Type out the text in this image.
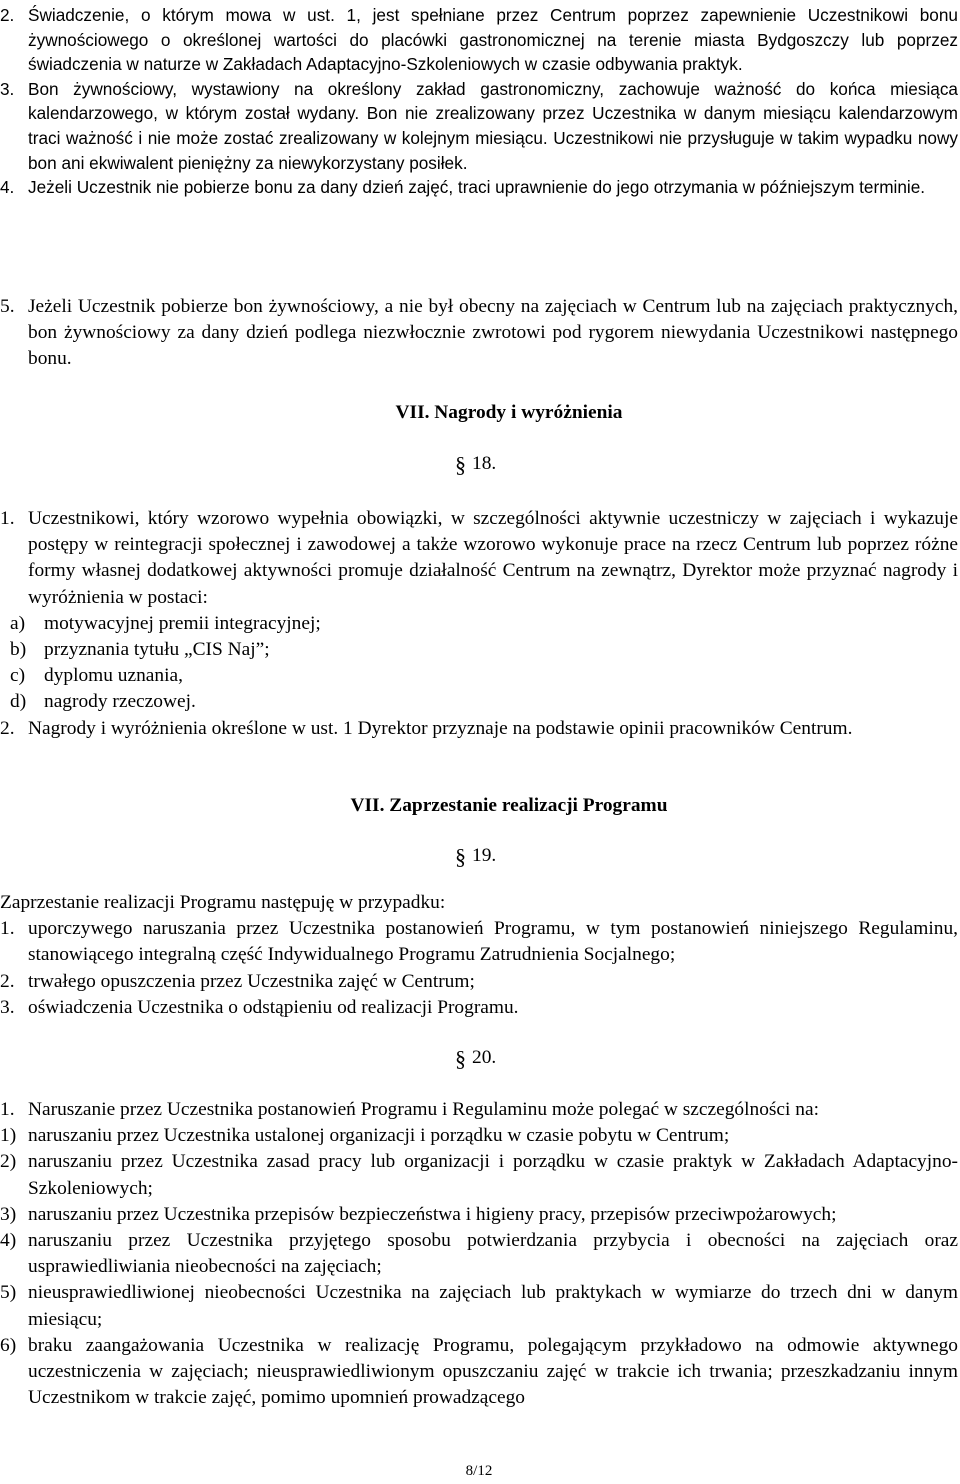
2. Świadczenie, o którym mowa w ust. 1, jest spełniane przez Centrum poprzez zapewnienie Uczestnikowi bonu żywnościowego o określonej wartości do placówki gastronomicznej na terenie miasta Bydgoszczy lub poprzez świadczenia w naturze w Zakładach Adaptacyjno-Szkoleniowych w czasie odbywania praktyk.

3. Bon żywnościowy, wystawiony na określony zakład gastronomiczny, zachowuje ważność do końca miesiąca kalendarzowego, w którym został wydany. Bon nie zrealizowany przez Uczestnika w danym miesiącu kalendarzowym traci ważność i nie może zostać zrealizowany w kolejnym miesiącu. Uczestnikowi nie przysługuje w takim wypadku nowy bon ani ekwiwalent pieniężny za niewykorzystany posiłek.

4. Jeżeli Uczestnik nie pobierze bonu za dany dzień zajęć, traci uprawnienie do jego otrzymania w późniejszym terminie.

5. Jeżeli Uczestnik pobierze bon żywnościowy, a nie był obecny na zajęciach w Centrum lub na zajęciach praktycznych, bon żywnościowy za dany dzień podlega niezwłocznie zwrotowi pod rygorem niewydania Uczestnikowi następnego bonu.

VII. Nagrody i wyróżnienia
§ 18.
1. Uczestnikowi, który wzorowo wypełnia obowiązki, w szczególności aktywnie uczestniczy w zajęciach i wykazuje postępy w reintegracji społecznej i zawodowej a także wzorowo wykonuje prace na rzecz Centrum lub poprzez różne formy własnej dodatkowej aktywności promuje działalność Centrum na zewnątrz, Dyrektor może przyznać nagrody i wyróżnienia w postaci:

a) motywacyjnej premii integracyjnej;

b) przyznania tytułu „CIS Naj”;

c) dyplomu uznania,

d) nagrody rzeczowej.

2. Nagrody i wyróżnienia określone w ust. 1 Dyrektor przyznaje na podstawie opinii pracowników Centrum.

VII. Zaprzestanie realizacji Programu
§ 19.

Zaprzestanie realizacji Programu następuję w przypadku:

1. uporczywego naruszania przez Uczestnika postanowień Programu, w tym postanowień niniejszego Regulaminu, stanowiącego integralną część Indywidualnego Programu Zatrudnienia Socjalnego;

2. trwałego opuszczenia przez Uczestnika zajęć w Centrum;

3. oświadczenia Uczestnika o odstąpieniu od realizacji Programu.

§ 20.
1. Naruszanie przez Uczestnika postanowień Programu i Regulaminu może polegać w szczególności na:

1) naruszaniu przez Uczestnika ustalonej organizacji i porządku w czasie pobytu w Centrum;

2) naruszaniu przez Uczestnika zasad pracy lub organizacji i porządku w czasie praktyk w Zakładach Adaptacyjno-Szkoleniowych;

3) naruszaniu przez Uczestnika przepisów bezpieczeństwa i higieny pracy, przepisów przeciwpożarowych;

4) naruszaniu przez Uczestnika przyjętego sposobu potwierdzania przybycia i obecności na zajęciach oraz usprawiedliwiania nieobecności na zajęciach;

5) nieusprawiedliwionej nieobecności Uczestnika na zajęciach lub praktykach w wymiarze do trzech dni w danym miesiącu;

6) braku zaangażowania Uczestnika w realizację Programu, polegającym przykładowo na odmowie aktywnego uczestniczenia w zajęciach; nieusprawiedliwionym opuszczaniu zajęć w trakcie ich trwania; przeszkadzaniu innym Uczestnikom w trakcie zajęć, pomimo upomnień prowadzącego

8/12
